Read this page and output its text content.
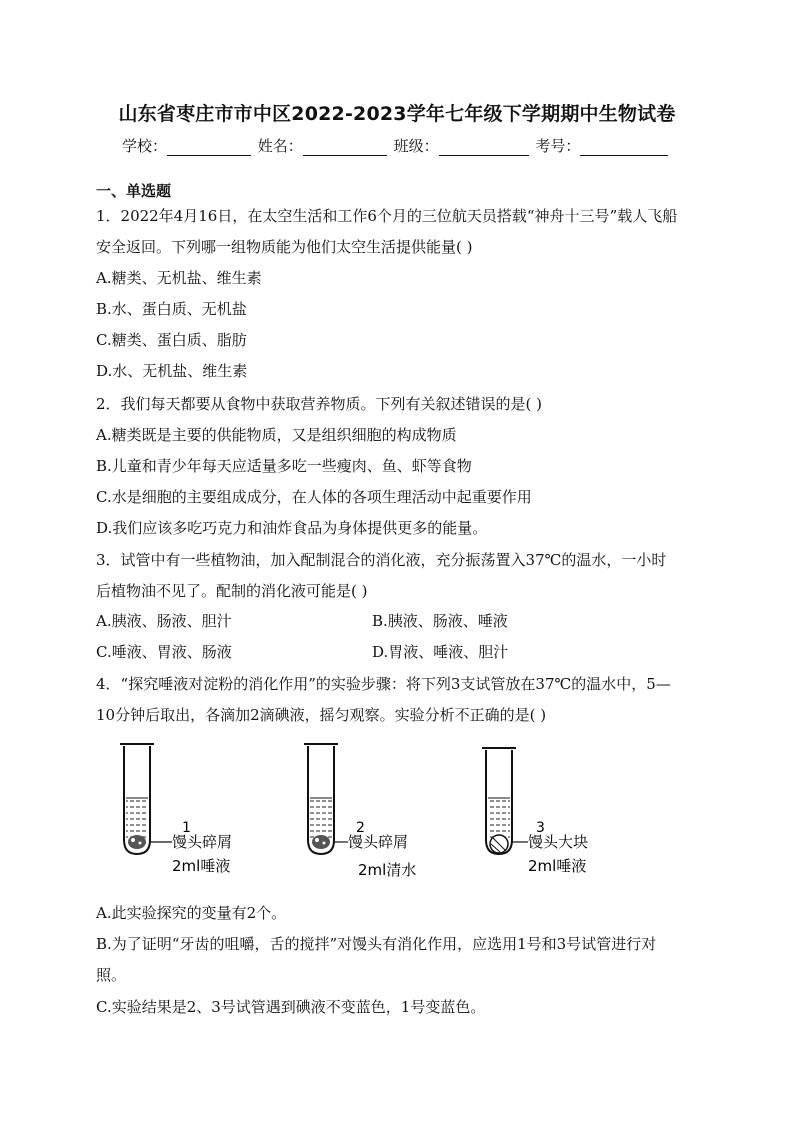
山东省枣庄市市中区2022-2023学年七年级下学期期中生物试卷
学校：	姓名：	班级：	考号：
一、单选题
1．2022年4月16日，在太空生活和工作6个月的三位航天员搭载“神舟十三号”载人飞船
安全返回。下列哪一组物质能为他们太空生活提供能量( )
A.糖类、无机盐、维生素
B.水、蛋白质、无机盐
C.糖类、蛋白质、脂肪
D.水、无机盐、维生素
2．我们每天都要从食物中获取营养物质。下列有关叙述错误的是( )
A.糖类既是主要的供能物质，又是组织细胞的构成物质
B.儿童和青少年每天应适量多吃一些瘦肉、鱼、虾等食物
C.水是细胞的主要组成成分，在人体的各项生理活动中起重要作用
D.我们应该多吃巧克力和油炸食品为身体提供更多的能量。
3．试管中有一些植物油，加入配制混合的消化液，充分振荡置入37℃的温水，一小时
后植物油不见了。配制的消化液可能是( )
A.胰液、肠液、胆汁	B.胰液、肠液、唾液
C.唾液、胃液、肠液	D.胃液、唾液、胆汁
4．“探究唾液对淀粉的消化作用”的实验步骤：将下列3支试管放在37℃的温水中，5—
10分钟后取出，各滴加2滴碘液，摇匀观察。实验分析不正确的是( )
1
馒头碎屑
2ml唾液
2
馒头碎屑
2ml清水
3
馒头大块
2ml唾液
A.此实验探究的变量有2个。
B.为了证明“牙齿的咀嚼，舌的搅拌”对馒头有消化作用，应选用1号和3号试管进行对
照。
C.实验结果是2、3号试管遇到碘液不变蓝色，1号变蓝色。
